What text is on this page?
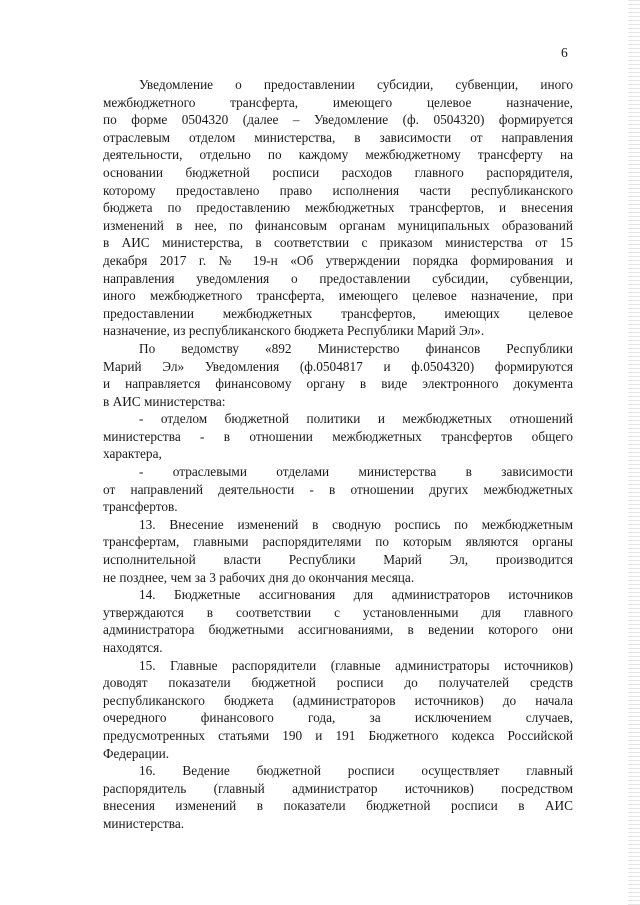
6

Уведомление о предоставлении субсидии, субвенции, иного
межбюджетного трансферта, имеющего целевое назначение,
по форме 0504320 (далее – Уведомление (ф. 0504320) формируется
отраслевым отделом министерства, в зависимости от направления
деятельности, отдельно по каждому межбюджетному трансферту на
основании бюджетной росписи расходов главного распорядителя,
которому предоставлено право исполнения части республиканского
бюджета по предоставлению межбюджетных трансфертов, и внесения
изменений в нее, по финансовым органам муниципальных образований
в АИС министерства, в соответствии с приказом министерства от 15
декабря 2017 г. № 19-н «Об утверждении порядка формирования и
направления уведомления о предоставлении субсидии, субвенции,
иного межбюджетного трансферта, имеющего целевое назначение, при
предоставлении межбюджетных трансфертов, имеющих целевое
назначение, из республиканского бюджета Республики Марий Эл».

По ведомству «892 Министерство финансов Республики
Марий Эл» Уведомления (ф.0504817 и ф.0504320) формируются
и направляется финансовому органу в виде электронного документа
в АИС министерства:

- отделом бюджетной политики и межбюджетных отношений
министерства - в отношении межбюджетных трансфертов общего
характера,

- отраслевыми отделами министерства в зависимости
от направлений деятельности - в отношении других межбюджетных
трансфертов.

13. Внесение изменений в сводную роспись по межбюджетным
трансфертам, главными распорядителями по которым являются органы
исполнительной власти Республики Марий Эл, производится
не позднее, чем за 3 рабочих дня до окончания месяца.

14. Бюджетные ассигнования для администраторов источников
утверждаются в соответствии с установленными для главного
администратора бюджетными ассигнованиями, в ведении которого они
находятся.

15. Главные распорядители (главные администраторы источников)
доводят показатели бюджетной росписи до получателей средств
республиканского бюджета (администраторов источников) до начала
очередного финансового года, за исключением случаев,
предусмотренных статьями 190 и 191 Бюджетного кодекса Российской
Федерации.

16. Ведение бюджетной росписи осуществляет главный
распорядитель (главный администратор источников) посредством
внесения изменений в показатели бюджетной росписи в АИС
министерства.
